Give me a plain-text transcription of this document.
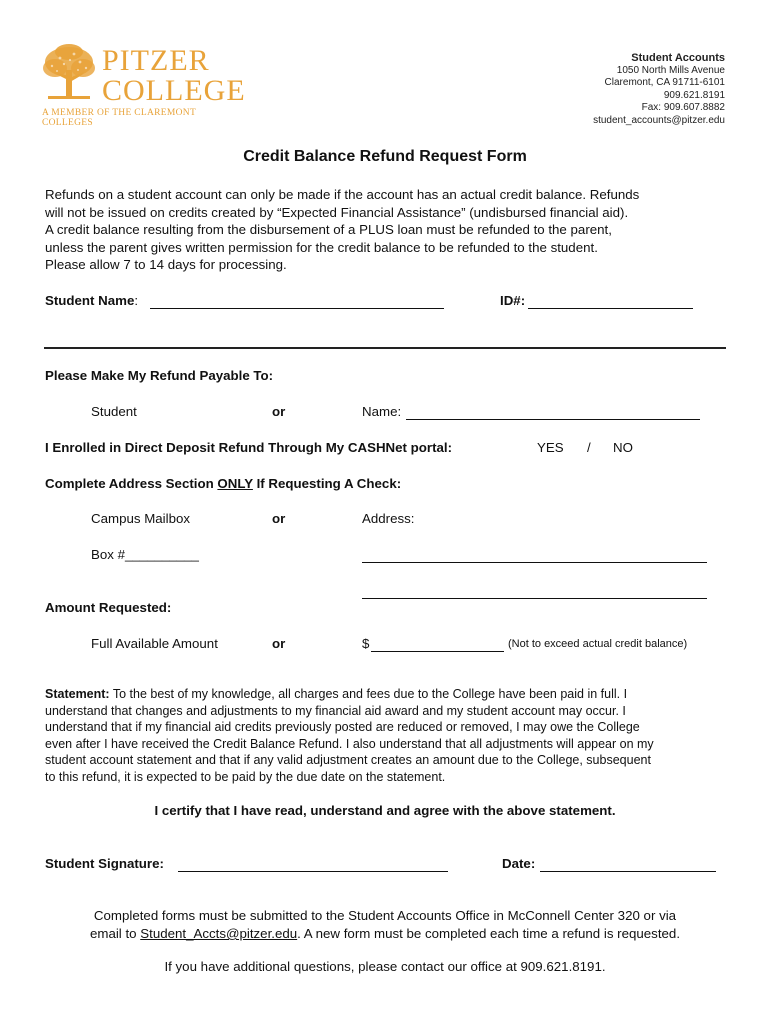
PITZER
COLLEGE
A MEMBER OF THE CLAREMONT COLLEGES
Student Accounts
1050 North Mills Avenue
Claremont, CA 91711-6101
909.621.8191
Fax: 909.607.8882
student_accounts@pitzer.edu
Credit Balance Refund Request Form

Refunds on a student account can only be made if the account has an actual credit balance. Refunds

will not be issued on credits created by “Expected Financial Assistance” (undisbursed financial aid).

A credit balance resulting from the disbursement of a PLUS loan must be refunded to the parent,

unless the parent gives written permission for the credit balance to be refunded to the student.

Please allow 7 to 14 days for processing.

Student Name:	ID#:
Please Make My Refund Payable To:
Student	or	Name:
I Enrolled in Direct Deposit Refund Through My CASHNet portal:	YES / NO
Complete Address Section ONLY If Requesting A Check:
Campus Mailbox	or	Address:
Box #__________
Amount Requested:
Full Available Amount	or	$	(Not to exceed actual credit balance)

Statement: To the best of my knowledge, all charges and fees due to the College have been paid in full. I

understand that changes and adjustments to my financial aid award and my student account may occur. I

understand that if my financial aid credits previously posted are reduced or removed, I may owe the College

even after I have received the Credit Balance Refund. I also understand that all adjustments will appear on my

student account statement and that if any valid adjustment creates an amount due to the College, subsequent

to this refund, it is expected to be paid by the due date on the statement.

I certify that I have read, understand and agree with the above statement.
Student Signature:	Date:
Completed forms must be submitted to the Student Accounts Office in McConnell Center 320 or via
email to Student_Accts@pitzer.edu. A new form must be completed each time a refund is requested.
If you have additional questions, please contact our office at 909.621.8191.
